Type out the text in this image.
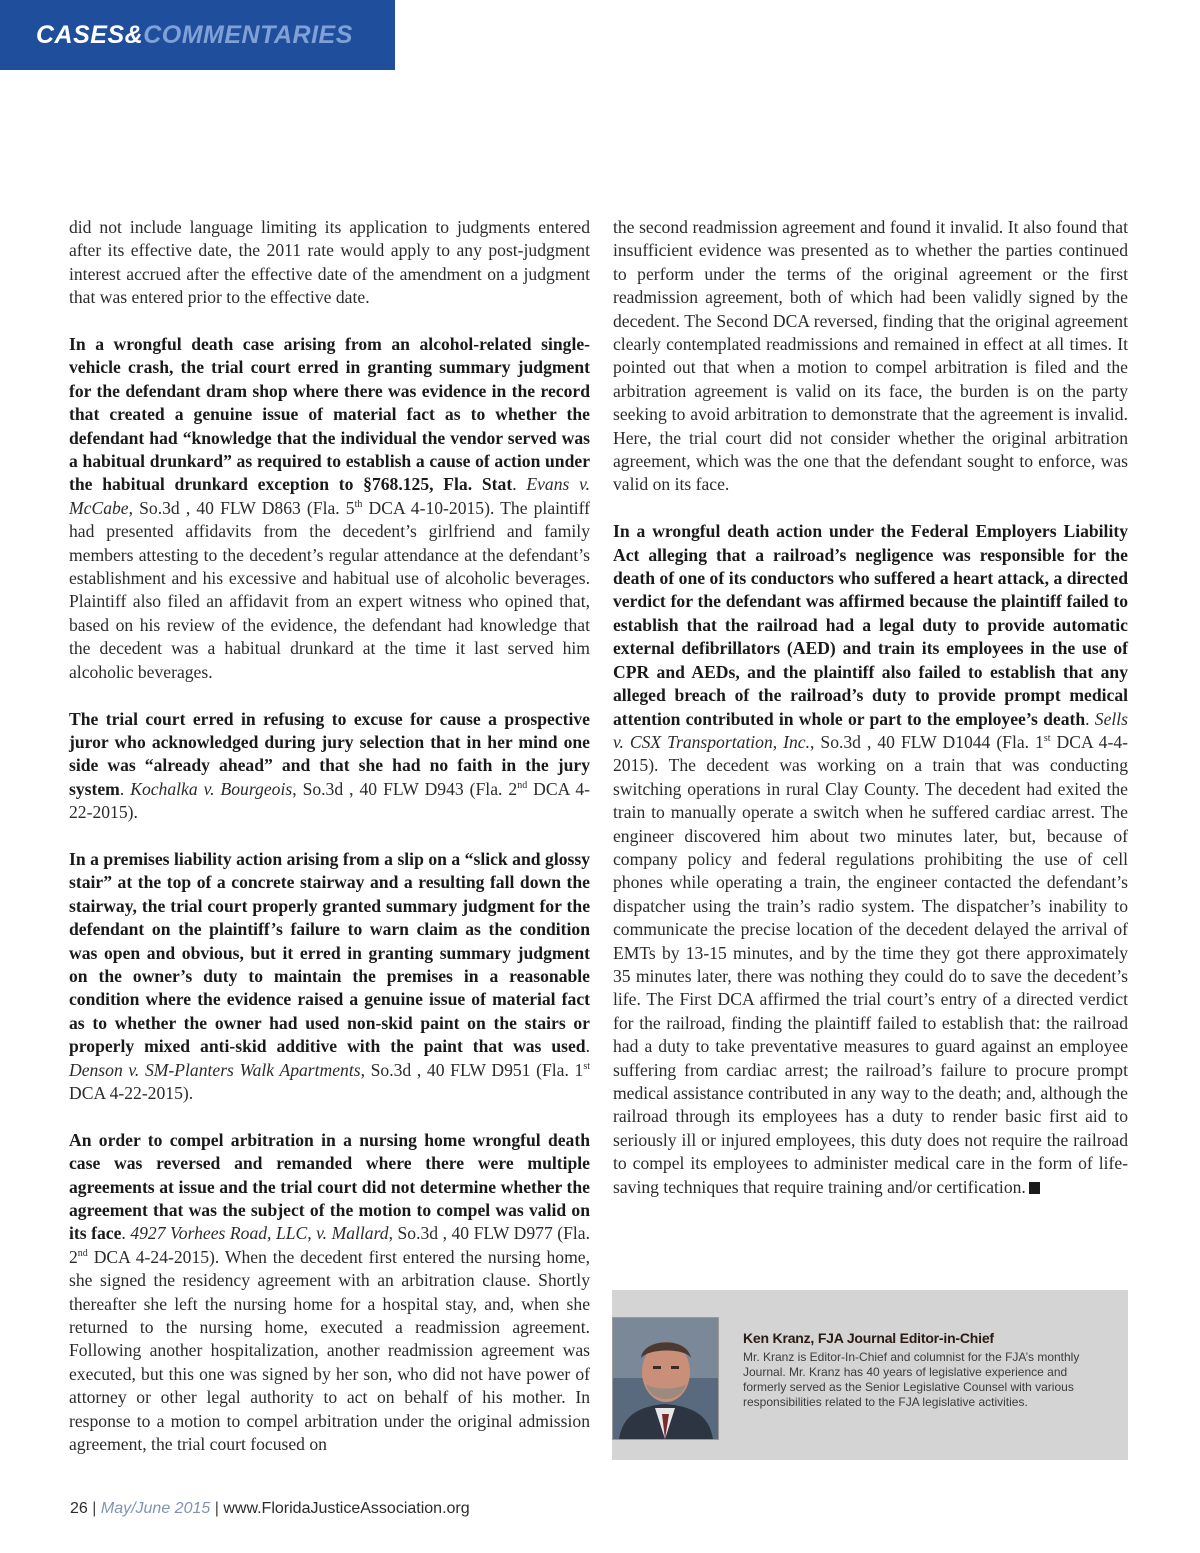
CASES&COMMENTARIES

did not include language limiting its application to judgments entered after its effective date, the 2011 rate would apply to any post-judgment interest accrued after the effective date of the amendment on a judgment that was entered prior to the effective date.

In a wrongful death case arising from an alcohol-related single-vehicle crash, the trial court erred in granting summary judgment for the defendant dram shop where there was evidence in the record that created a genuine issue of material fact as to whether the defendant had “knowledge that the individual the vendor served was a habitual drunkard” as required to establish a cause of action under the habitual drunkard exception to §768.125, Fla. Stat. Evans v. McCabe, So.3d , 40 FLW D863 (Fla. 5th DCA 4-10-2015). The plaintiff had presented affidavits from the decedent’s girlfriend and family members attesting to the decedent’s regular attendance at the defendant’s establishment and his excessive and habitual use of alcoholic beverages. Plaintiff also filed an affidavit from an expert witness who opined that, based on his review of the evidence, the defendant had knowledge that the decedent was a habitual drunkard at the time it last served him alcoholic beverages.

The trial court erred in refusing to excuse for cause a prospective juror who acknowledged during jury selection that in her mind one side was “already ahead” and that she had no faith in the jury system. Kochalka v. Bourgeois, So.3d , 40 FLW D943 (Fla. 2nd DCA 4-22-2015).

In a premises liability action arising from a slip on a “slick and glossy stair” at the top of a concrete stairway and a resulting fall down the stairway, the trial court properly granted summary judgment for the defendant on the plaintiff’s failure to warn claim as the condition was open and obvious, but it erred in granting summary judgment on the owner’s duty to maintain the premises in a reasonable condition where the evidence raised a genuine issue of material fact as to whether the owner had used non-skid paint on the stairs or properly mixed anti-skid additive with the paint that was used. Denson v. SM-Planters Walk Apartments, So.3d , 40 FLW D951 (Fla. 1st DCA 4-22-2015).

An order to compel arbitration in a nursing home wrongful death case was reversed and remanded where there were multiple agreements at issue and the trial court did not determine whether the agreement that was the subject of the motion to compel was valid on its face. 4927 Vorhees Road, LLC, v. Mallard, So.3d , 40 FLW D977 (Fla. 2nd DCA 4-24-2015). When the decedent first entered the nursing home, she signed the residency agreement with an arbitration clause. Shortly thereafter she left the nursing home for a hospital stay, and, when she returned to the nursing home, executed a readmission agreement. Following another hospitalization, another readmission agreement was executed, but this one was signed by her son, who did not have power of attorney or other legal authority to act on behalf of his mother. In response to a motion to compel arbitration under the original admission agreement, the trial court focused on

the second readmission agreement and found it invalid. It also found that insufficient evidence was presented as to whether the parties continued to perform under the terms of the original agreement or the first readmission agreement, both of which had been validly signed by the decedent. The Second DCA reversed, finding that the original agreement clearly contemplated readmissions and remained in effect at all times. It pointed out that when a motion to compel arbitration is filed and the arbitration agreement is valid on its face, the burden is on the party seeking to avoid arbitration to demonstrate that the agreement is invalid. Here, the trial court did not consider whether the original arbitration agreement, which was the one that the defendant sought to enforce, was valid on its face.

In a wrongful death action under the Federal Employers Liability Act alleging that a railroad’s negligence was responsible for the death of one of its conductors who suffered a heart attack, a directed verdict for the defendant was affirmed because the plaintiff failed to establish that the railroad had a legal duty to provide automatic external defibrillators (AED) and train its employees in the use of CPR and AEDs, and the plaintiff also failed to establish that any alleged breach of the railroad’s duty to provide prompt medical attention contributed in whole or part to the employee’s death. Sells v. CSX Transportation, Inc., So.3d , 40 FLW D1044 (Fla. 1st DCA 4-4-2015). The decedent was working on a train that was conducting switching operations in rural Clay County. The decedent had exited the train to manually operate a switch when he suffered cardiac arrest. The engineer discovered him about two minutes later, but, because of company policy and federal regulations prohibiting the use of cell phones while operating a train, the engineer contacted the defendant’s dispatcher using the train’s radio system. The dispatcher’s inability to communicate the precise location of the decedent delayed the arrival of EMTs by 13-15 minutes, and by the time they got there approximately 35 minutes later, there was nothing they could do to save the decedent’s life. The First DCA affirmed the trial court’s entry of a directed verdict for the railroad, finding the plaintiff failed to establish that: the railroad had a duty to take preventative measures to guard against an employee suffering from cardiac arrest; the railroad’s failure to procure prompt medical assistance contributed in any way to the death; and, although the railroad through its employees has a duty to render basic first aid to seriously ill or injured employees, this duty does not require the railroad to compel its employees to administer medical care in the form of life-saving techniques that require training and/or certification.

Ken Kranz, FJA Journal Editor-in-Chief
Mr. Kranz is Editor-In-Chief and columnist for the FJA’s monthly Journal. Mr. Kranz has 40 years of legislative experience and formerly served as the Senior Legislative Counsel with various responsibilities related to the FJA legislative activities.
26 | May/June 2015 | www.FloridaJusticeAssociation.org
